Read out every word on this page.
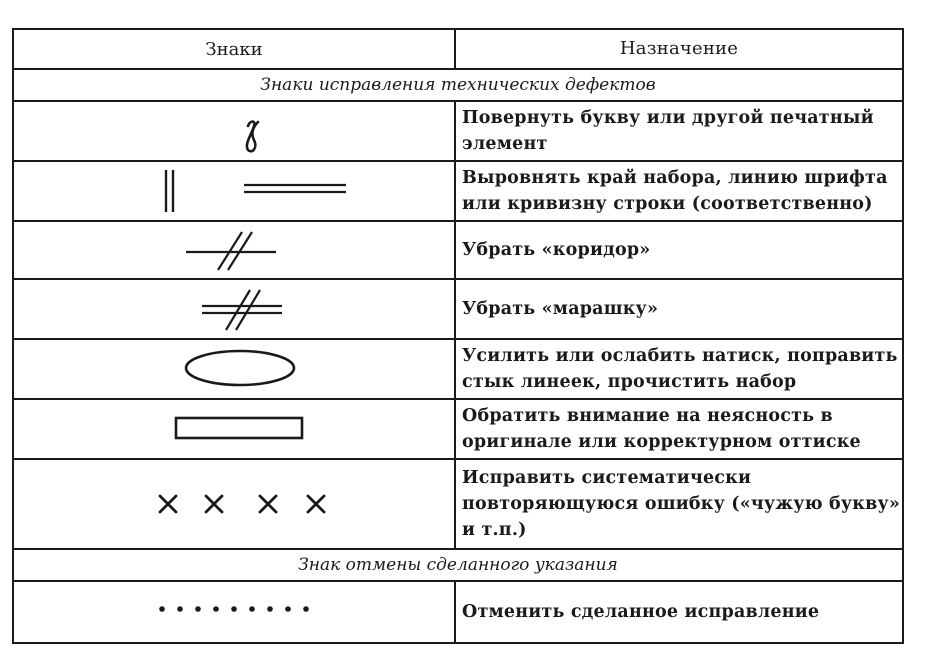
Знаки	Назначение
Знаки исправления технических дефектов
Повернуть букву или другой печатный элемент
Выровнять край набора, линию шрифта или кривизну строки (соответственно)
Убрать «коридор»
Убрать «марашку»
Усилить или ослабить натиск, поправить стык линеек, прочистить набор
Обратить внимание на неясность в оригинале или корректурном оттиске
Исправить систематически повторяющуюся ошибку («чужую букву» и т.п.)
Знак отмены сделанного указания
Отменить сделанное исправление
